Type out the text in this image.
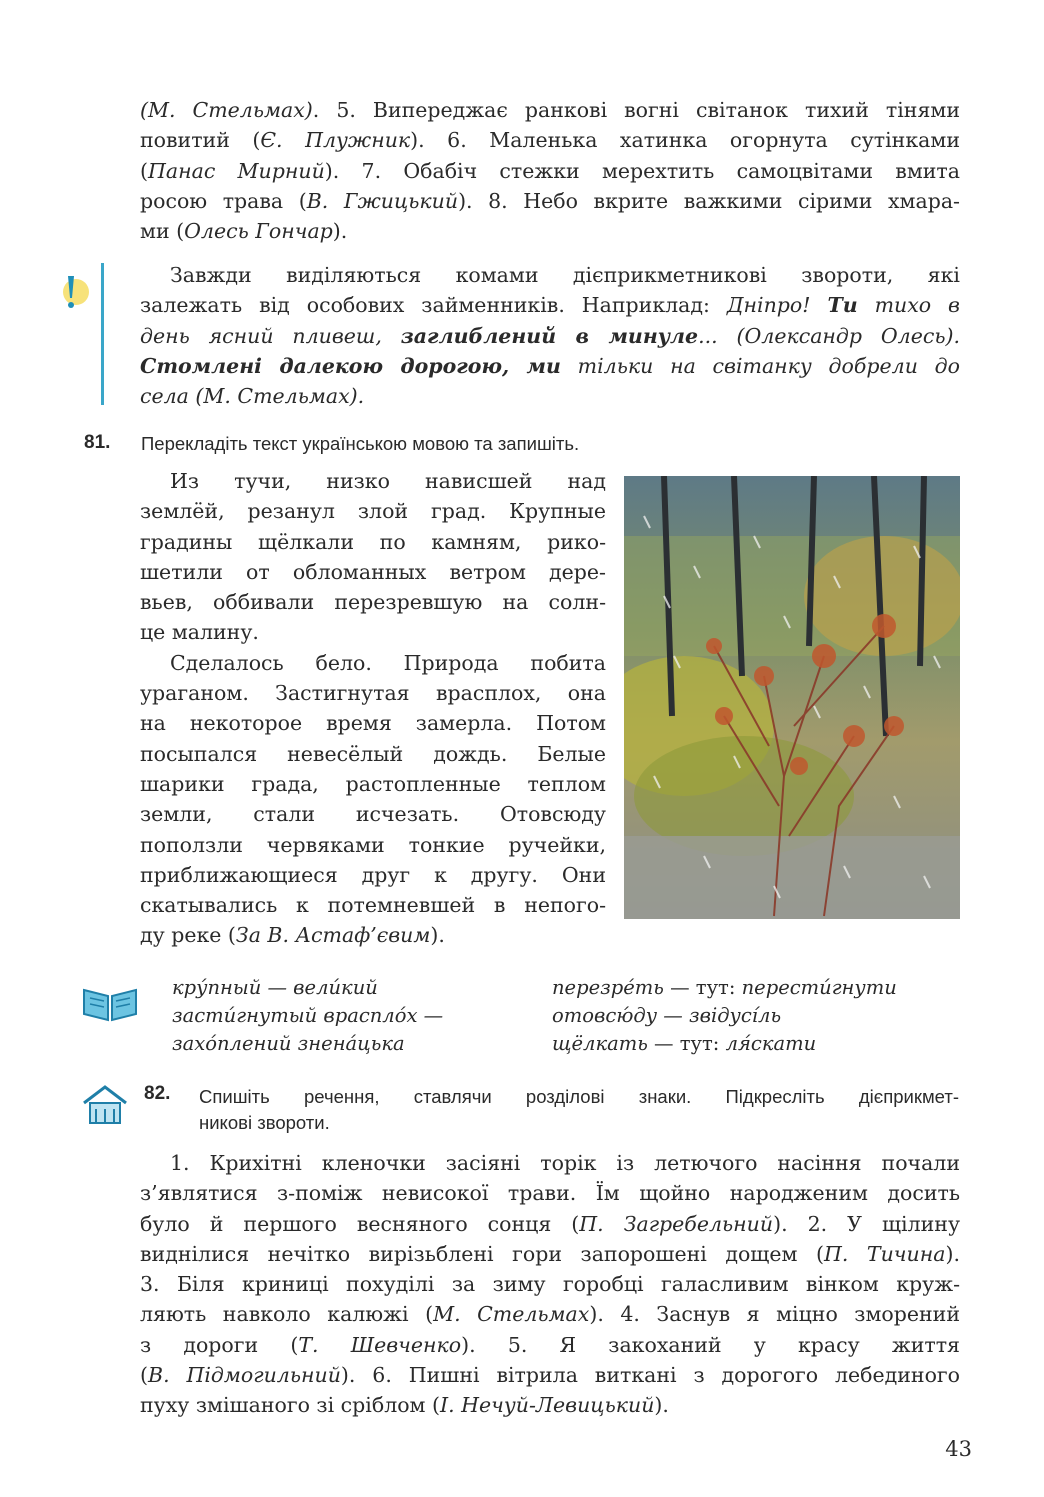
(М. Стельмах). 5. Випереджає ранкові вогні світанок тихий тінями
повитий (Є. Плужник). 6. Маленька хатинка огорнута сутінками
(Панас Мирний). 7. Обабіч стежки мерехтить самоцвітами вмита
росою трава (В. Гжицький). 8. Небо вкрите важкими сірими хмара-
ми (Олесь Гончар).
Завжди виділяються комами дієприкметникові звороти, які
залежать від особових займенників. Наприклад: Дніпро! Ти тихо в
день ясний пливеш, заглиблений в минуле... (Олександр Олесь).
Стомлені далекою дорогою, ми тільки на світанку добрели до
села (М. Стельмах).
81. Перекладіть текст українською мовою та запишіть.
Из тучи, низко нависшей над
землёй, резанул злой град. Крупные
градины щёлкали по камням, рико-
шетили от обломанных ветром дере-
вьев, оббивали перезревшую на солн-
це малину.
Сделалось бело. Природа побита
ураганом. Застигнутая врасплох, она
на некоторое время замерла. Потом
посыпался невесёлый дождь. Белые
шарики града, растопленные теплом
земли, стали исчезать. Отовсюду
поползли червяками тонкие ручейки,
приближающиеся друг к другу. Они
скатывались к потемневшей в непого-
ду реке (За В. Астаф’євим).
кру́пный — вели́кий
засти́гнутый враспло́х —
захо́плений знена́цька
перезре́ть — тут: перести́гнути
отовсю́ду — звідусі́ль
щёлкать — тут: ля́скати
82. Спишіть речення, ставлячи розділові знаки. Підкресліть дієприкмет-
никові звороти.
1. Крихітні кленочки засіяні торік із летючого насіння почали
з’являтися з-поміж невисокої трави. Їм щойно народженим досить
було й першого весняного сонця (П. Загребельний). 2. У щілину
виднілися нечітко вирізьблені гори запорошені дощем (П. Тичина).
3. Біля криниці похуділі за зиму горобці галасливим вінком круж-
ляють навколо калюжі (М. Стельмах). 4. Заснув я міцно зморений
з дороги (Т. Шевченко). 5. Я закоханий у красу життя
(В. Підмогильний). 6. Пишні вітрила виткані з дорогого лебединого
пуху змішаного зі сріблом (І. Нечуй-Левицький).
43
